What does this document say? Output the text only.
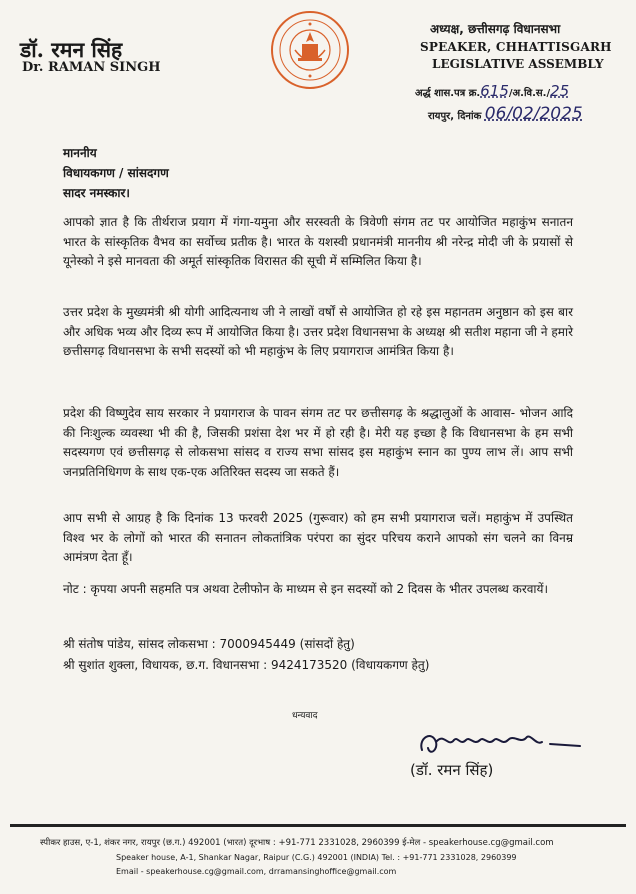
डॉ. रमन सिंह
Dr. RAMAN SINGH
अध्यक्ष, छत्तीसगढ़ विधानसभा
SPEAKER, CHHATTISGARH
LEGISLATIVE ASSEMBLY
अर्द्ध शास.पत्र क्र.615/अ.वि.स./25
रायपुर, दिनांक 06/02/2025
माननीय
विधायकगण / सांसदगण
सादर नमस्कार।
आपको ज्ञात है कि तीर्थराज प्रयाग में गंगा-यमुना और सरस्वती के त्रिवेणी संगम तट पर आयोजित महाकुंभ सनातन भारत के सांस्कृतिक वैभव का सर्वोच्च प्रतीक है। भारत के यशस्वी प्रधानमंत्री माननीय श्री नरेन्द्र मोदी जी के प्रयासों से यूनेस्को ने इसे मानवता की अमूर्त सांस्कृतिक विरासत की सूची में सम्मिलित किया है।
उत्तर प्रदेश के मुख्यमंत्री श्री योगी आदित्यनाथ जी ने लाखों वर्षों से आयोजित हो रहे इस महानतम अनुष्ठान को इस बार और अधिक भव्य और दिव्य रूप में आयोजित किया है। उत्तर प्रदेश विधानसभा के अध्यक्ष श्री सतीश महाना जी ने हमारे छत्तीसगढ़ विधानसभा के सभी सदस्यों को भी महाकुंभ के लिए प्रयागराज आमंत्रित किया है।
प्रदेश की विष्णुदेव साय सरकार ने प्रयागराज के पावन संगम तट पर छत्तीसगढ़ के श्रद्धालुओं के आवास- भोजन आदि की निःशुल्क व्यवस्था भी की है, जिसकी प्रशंसा देश भर में हो रही है। मेरी यह इच्छा है कि विधानसभा के हम सभी सदस्यगण एवं छत्तीसगढ़ से लोकसभा सांसद व राज्य सभा सांसद इस महाकुंभ स्नान का पुण्य लाभ लें। आप सभी जनप्रतिनिधिगण के साथ एक-एक अतिरिक्त सदस्य जा सकते हैं।
आप सभी से आग्रह है कि दिनांक 13 फरवरी 2025 (गुरूवार) को हम सभी प्रयागराज चलें। महाकुंभ में उपस्थित विश्व भर के लोगों को भारत की सनातन लोकतांत्रिक परंपरा का सुंदर परिचय कराने आपको संग चलने का विनम्र आमंत्रण देता हूँ।
नोट : कृपया अपनी सहमति पत्र अथवा टेलीफोन के माध्यम से इन सदस्यों को 2 दिवस के भीतर उपलब्ध करवायें।
श्री संतोष पांडेय, सांसद लोकसभा : 7000945449 (सांसदों हेतु)
श्री सुशांत शुक्ला, विधायक, छ.ग. विधानसभा : 9424173520 (विधायकगण हेतु)
धन्यवाद
(डॉ. रमन सिंह)
स्पीकर हाउस, ए-1, शंकर नगर, रायपुर (छ.ग.) 492001 (भारत) दूरभाष : +91-771 2331028, 2960399 ई-मेल - speakerhouse.cg@gmail.com
Speaker house, A-1, Shankar Nagar, Raipur (C.G.) 492001 (INDIA) Tel. : +91-771 2331028, 2960399
Email - speakerhouse.cg@gmail.com, drramansinghoffice@gmail.com
